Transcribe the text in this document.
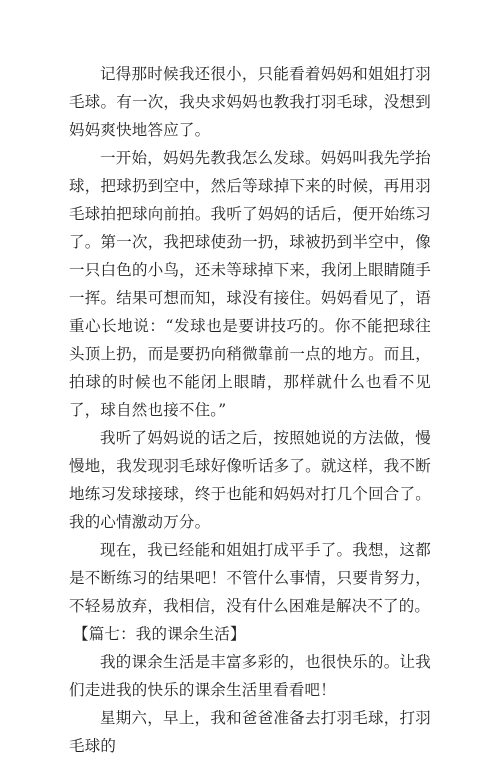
记得那时候我还很小，只能看着妈妈和姐姐打羽毛球。有一次，我央求妈妈也教我打羽毛球，没想到妈妈爽快地答应了。

一开始，妈妈先教我怎么发球。妈妈叫我先学抬球，把球扔到空中，然后等球掉下来的时候，再用羽毛球拍把球向前拍。我听了妈妈的话后，便开始练习了。第一次，我把球使劲一扔，球被扔到半空中，像一只白色的小鸟，还未等球掉下来，我闭上眼睛随手一挥。结果可想而知，球没有接住。妈妈看见了，语重心长地说：“发球也是要讲技巧的。你不能把球往头顶上扔，而是要扔向稍微靠前一点的地方。而且，拍球的时候也不能闭上眼睛，那样就什么也看不见了，球自然也接不住。”

我听了妈妈说的话之后，按照她说的方法做，慢慢地，我发现羽毛球好像听话多了。就这样，我不断地练习发球接球，终于也能和妈妈对打几个回合了。我的心情激动万分。

现在，我已经能和姐姐打成平手了。我想，这都是不断练习的结果吧！不管什么事情，只要肯努力，不轻易放弃，我相信，没有什么困难是解决不了的。

【篇七：我的课余生活】

我的课余生活是丰富多彩的，也很快乐的。让我们走进我的快乐的课余生活里看看吧！

星期六，早上，我和爸爸准备去打羽毛球，打羽毛球的
